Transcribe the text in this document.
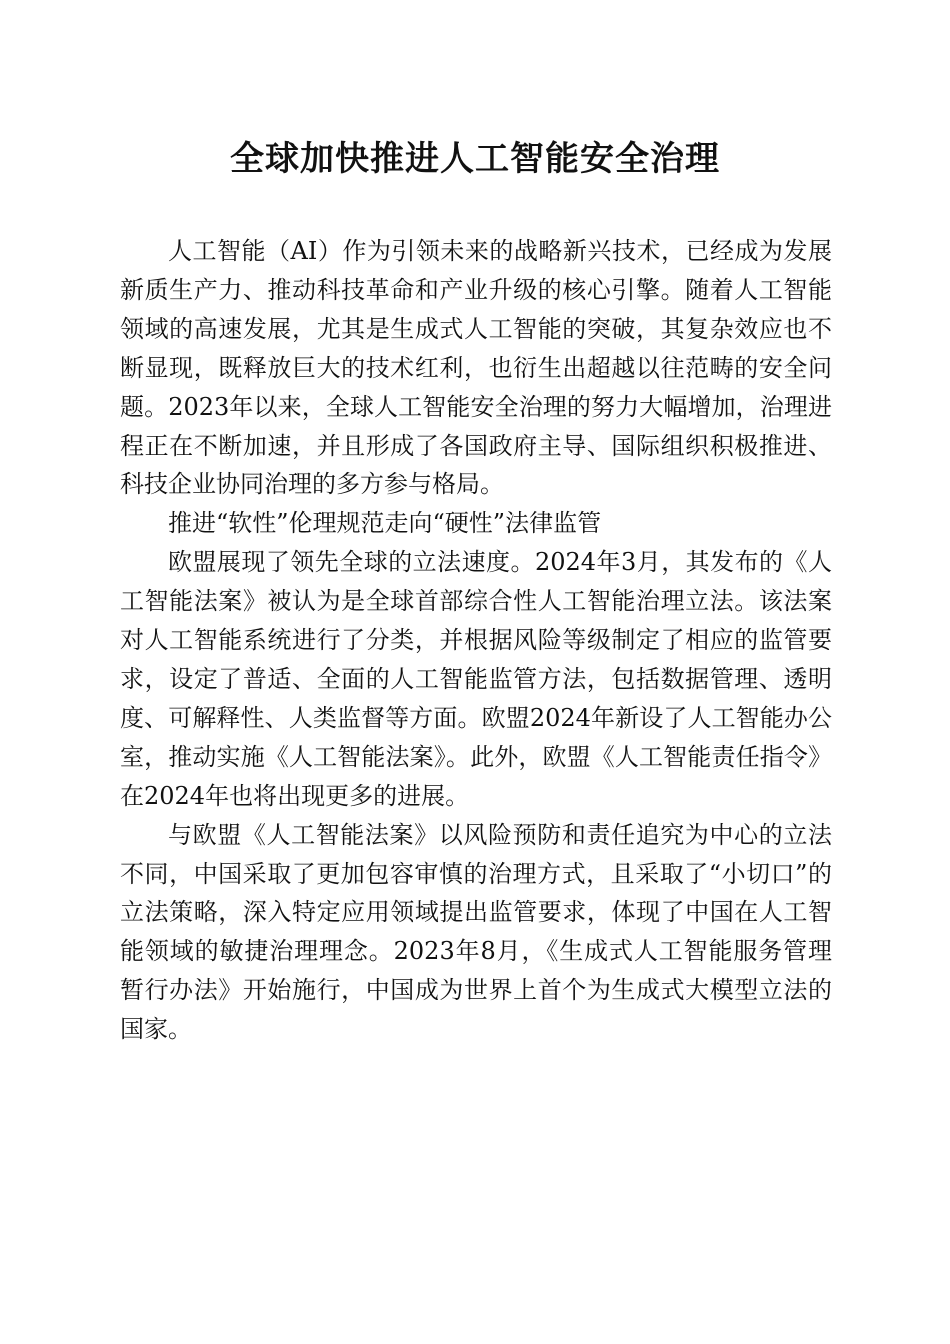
全球加快推进人工智能安全治理

人工智能（AI）作为引领未来的战略新兴技术，已经成为发展新质生产力、推动科技革命和产业升级的核心引擎。随着人工智能领域的高速发展，尤其是生成式人工智能的突破，其复杂效应也不断显现，既释放巨大的技术红利，也衍生出超越以往范畴的安全问题。2023年以来，全球人工智能安全治理的努力大幅增加，治理进程正在不断加速，并且形成了各国政府主导、国际组织积极推进、科技企业协同治理的多方参与格局。

推进“软性”伦理规范走向“硬性”法律监管

欧盟展现了领先全球的立法速度。2024年3月，其发布的《人工智能法案》被认为是全球首部综合性人工智能治理立法。该法案对人工智能系统进行了分类，并根据风险等级制定了相应的监管要求，设定了普适、全面的人工智能监管方法，包括数据管理、透明度、可解释性、人类监督等方面。欧盟2024年新设了人工智能办公室，推动实施《人工智能法案》。此外，欧盟《人工智能责任指令》在2024年也将出现更多的进展。

与欧盟《人工智能法案》以风险预防和责任追究为中心的立法不同，中国采取了更加包容审慎的治理方式，且采取了“小切口”的立法策略，深入特定应用领域提出监管要求，体现了中国在人工智能领域的敏捷治理理念。2023年8月，《生成式人工智能服务管理暂行办法》开始施行，中国成为世界上首个为生成式大模型立法的国家。
